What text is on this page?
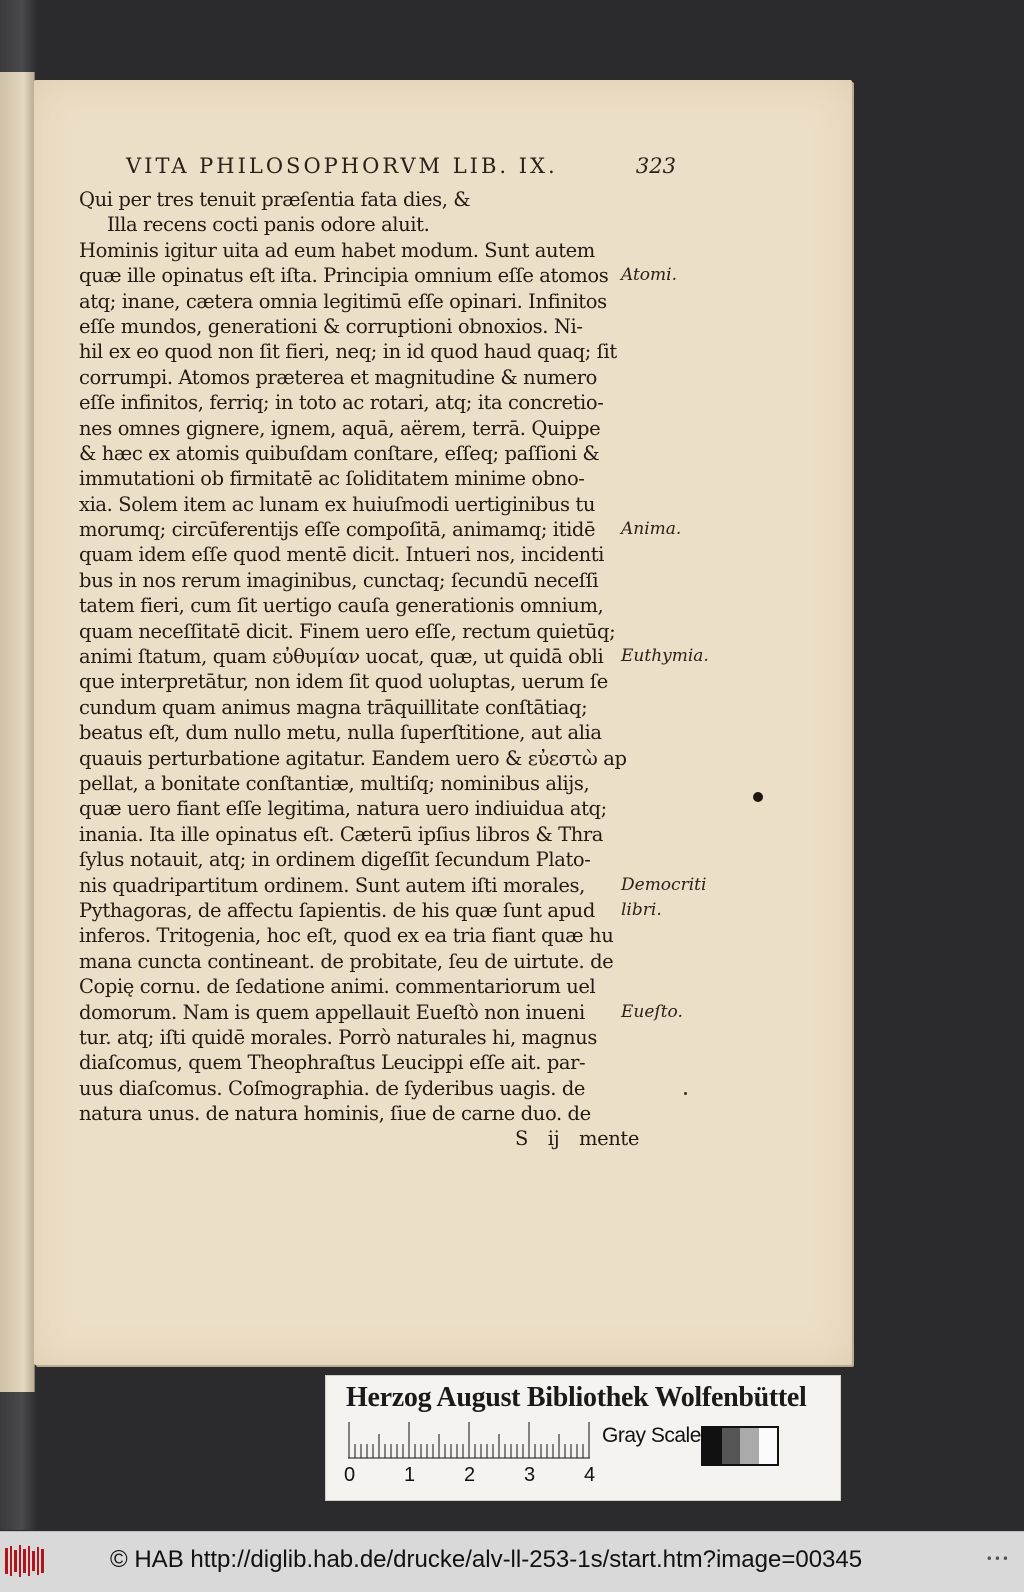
VITA PHILOSOPHORVM LIB. IX.	323
Qui per tres tenuit præſentia fata dies, &
Illa recens cocti panis odore aluit.
Hominis igitur uita ad eum habet modum. Sunt autem
quæ ille opinatus eſt iſta. Principia omnium eſſe atomos
atq; inane, cætera omnia legitimū eſſe opinari. Infinitos
eſſe mundos, generationi & corruptioni obnoxios. Ni-
hil ex eo quod non ſit fieri, neq; in id quod haud quaq; ſit
corrumpi. Atomos præterea et magnitudine & numero
eſſe infinitos, ferriq; in toto ac rotari, atq; ita concretio-
nes omnes gignere, ignem, aquā, aërem, terrā. Quippe
& hæc ex atomis quibuſdam conſtare, eſſeq; paſſioni &
immutationi ob firmitatē ac ſoliditatem minime obno-
xia. Solem item ac lunam ex huiuſmodi uertiginibus tu
morumq; circūferentijs eſſe compoſitā, animamq; itidē
quam idem eſſe quod mentē dicit. Intueri nos, incidenti
bus in nos rerum imaginibus, cunctaq; ſecundū neceſſi
tatem fieri, cum ſit uertigo cauſa generationis omnium,
quam neceſſitatē dicit. Finem uero eſſe, rectum quietūq;
animi ſtatum, quam εὐθυμίαν uocat, quæ, ut quidā obli
que interpretātur, non idem ſit quod uoluptas, uerum ſe
cundum quam animus magna trāquillitate conſtātiaq;
beatus eſt, dum nullo metu, nulla ſuperſtitione, aut alia
quauis perturbatione agitatur. Eandem uero & εὐεστὼ ap
pellat, a bonitate conſtantiæ, multiſq; nominibus alijs,
quæ uero fiant eſſe legitima, natura uero indiuidua atq;
inania. Ita ille opinatus eſt. Cæterū ipſius libros & Thra
ſylus notauit, atq; in ordinem digeſſit ſecundum Plato-
nis quadripartitum ordinem. Sunt autem iſti morales,
Pythagoras, de affectu ſapientis. de his quæ ſunt apud
inferos. Tritogenia, hoc eſt, quod ex ea tria fiant quæ hu
mana cuncta contineant. de probitate, ſeu de uirtute. de
Copię cornu. de ſedatione animi. commentariorum uel
domorum. Nam is quem appellauit Eueſtò non inueni
tur. atq; iſti quidē morales. Porrò naturales hi, magnus
diaſcomus, quem Theophraſtus Leucippi eſſe ait. par-
uus diaſcomus. Coſmographia. de ſyderibus uagis. de
natura unus. de natura hominis, ſiue de carne duo. de
S ij mente
Atomi.
Anima.
Euthymia.
Democriti
libri.
Eueſto.
Herzog August Bibliothek Wolfenbüttel
0 1 2 3 4
Gray Scale
© HAB http://diglib.hab.de/drucke/alv-ll-253-1s/start.htm?image=00345	•••
